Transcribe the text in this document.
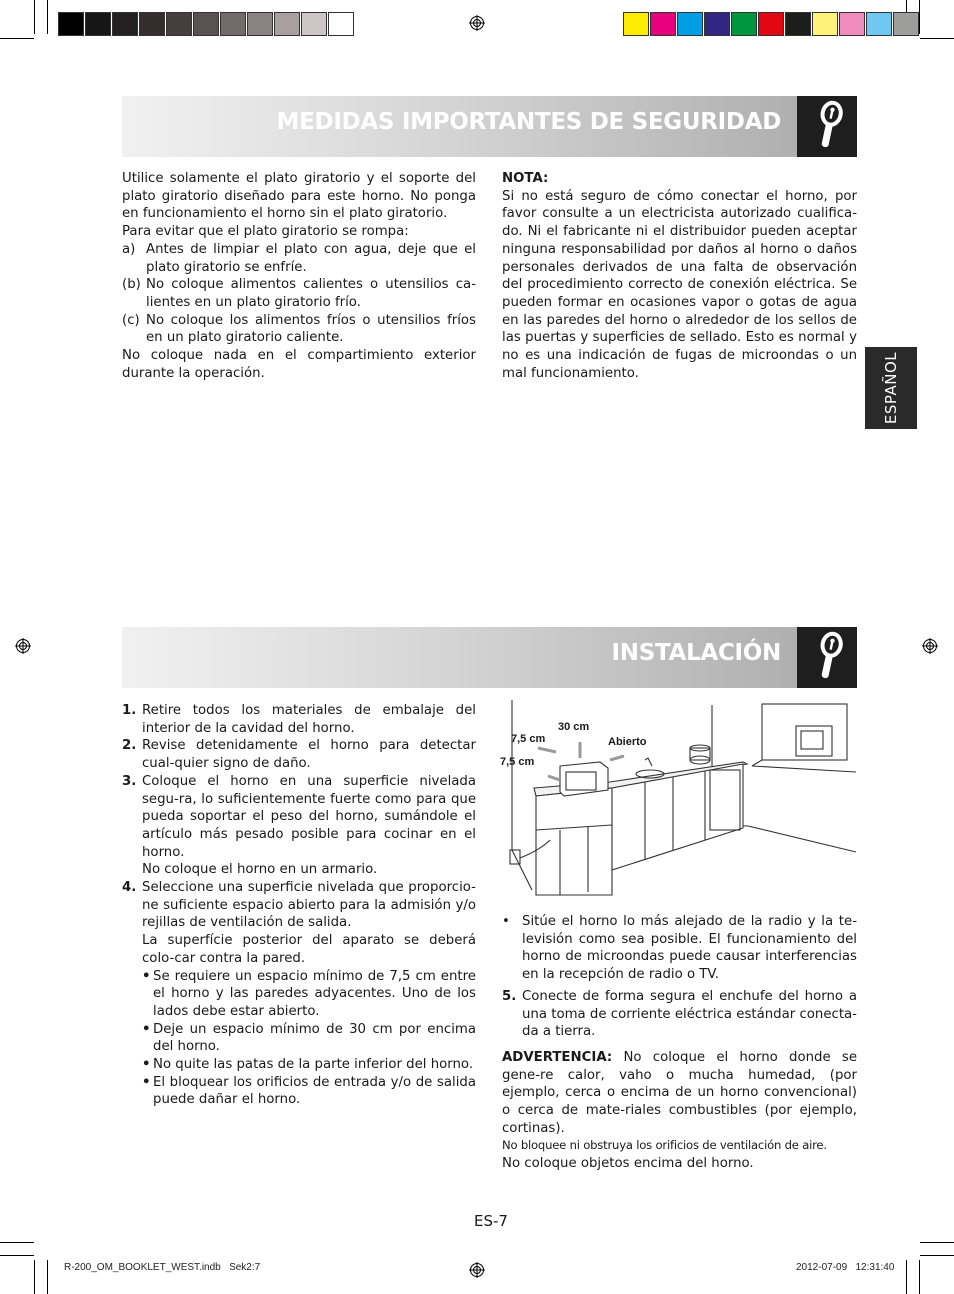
MEDIDAS IMPORTANTES DE SEGURIDAD

Utilice solamente el plato giratorio y el soporte del plato giratorio diseñado para este horno. No ponga en funcionamiento el horno sin el plato giratorio.

Para evitar que el plato giratorio se rompa:

a) Antes de limpiar el plato con agua, deje que el plato giratorio se enfríe.
(b) No coloque alimentos calientes o utensilios ca-lientes en un plato giratorio frío.
(c) No coloque los alimentos fríos o utensilios fríos en un plato giratorio caliente.

No coloque nada en el compartimiento exterior durante la operación.

NOTA:

Si no está seguro de cómo conectar el horno, por favor consulte a un electricista autorizado cualifica-do. Ni el fabricante ni el distribuidor pueden aceptar ninguna responsabilidad por daños al horno o daños personales derivados de una falta de observación del procedimiento correcto de conexión eléctrica. Se pueden formar en ocasiones vapor o gotas de agua en las paredes del horno o alrededor de los sellos de las puertas y superficies de sellado. Esto es normal y no es una indicación de fugas de microondas o un mal funcionamiento.	ESPAÑOL
INSTALACIÓN
1. Retire todos los materiales de embalaje del interior de la cavidad del horno.
2. Revise detenidamente el horno para detectar cual-quier signo de daño.
3. Coloque el horno en una superficie nivelada segu-ra, lo suficientemente fuerte como para que pueda soportar el peso del horno, sumándole el artículo más pesado posible para cocinar en el horno.
No coloque el horno en un armario.
4. Seleccione una superficie nivelada que proporcio-ne suficiente espacio abierto para la admisión y/o rejillas de ventilación de salida.
La superfície posterior del aparato se deberá colo-car contra la pared.
• Se requiere un espacio mínimo de 7,5 cm entre el horno y las paredes adyacentes. Uno de los lados debe estar abierto.
• Deje un espacio mínimo de 30 cm por encima del horno.
• No quite las patas de la parte inferior del horno.
• El bloquear los orificios de entrada y/o de salida puede dañar el horno.
30 cm
7,5 cm
7,5 cm
Abierto
• Sitúe el horno lo más alejado de la radio y la te-levisión como sea posible. El funcionamiento del horno de microondas puede causar interferencias en la recepción de radio o TV.
5. Conecte de forma segura el enchufe del horno a una toma de corriente eléctrica estándar conecta-da a tierra.

ADVERTENCIA: No coloque el horno donde se gene-re calor, vaho o mucha humedad, (por ejemplo, cerca o encima de un horno convencional) o cerca de mate-riales combustibles (por ejemplo, cortinas).

No bloquee ni obstruya los orificios de ventilación de aire.

No coloque objetos encima del horno.

ES-7
R-200_OM_BOOKLET_WEST.indb   Sek2:7	2012-07-09   12:31:40
